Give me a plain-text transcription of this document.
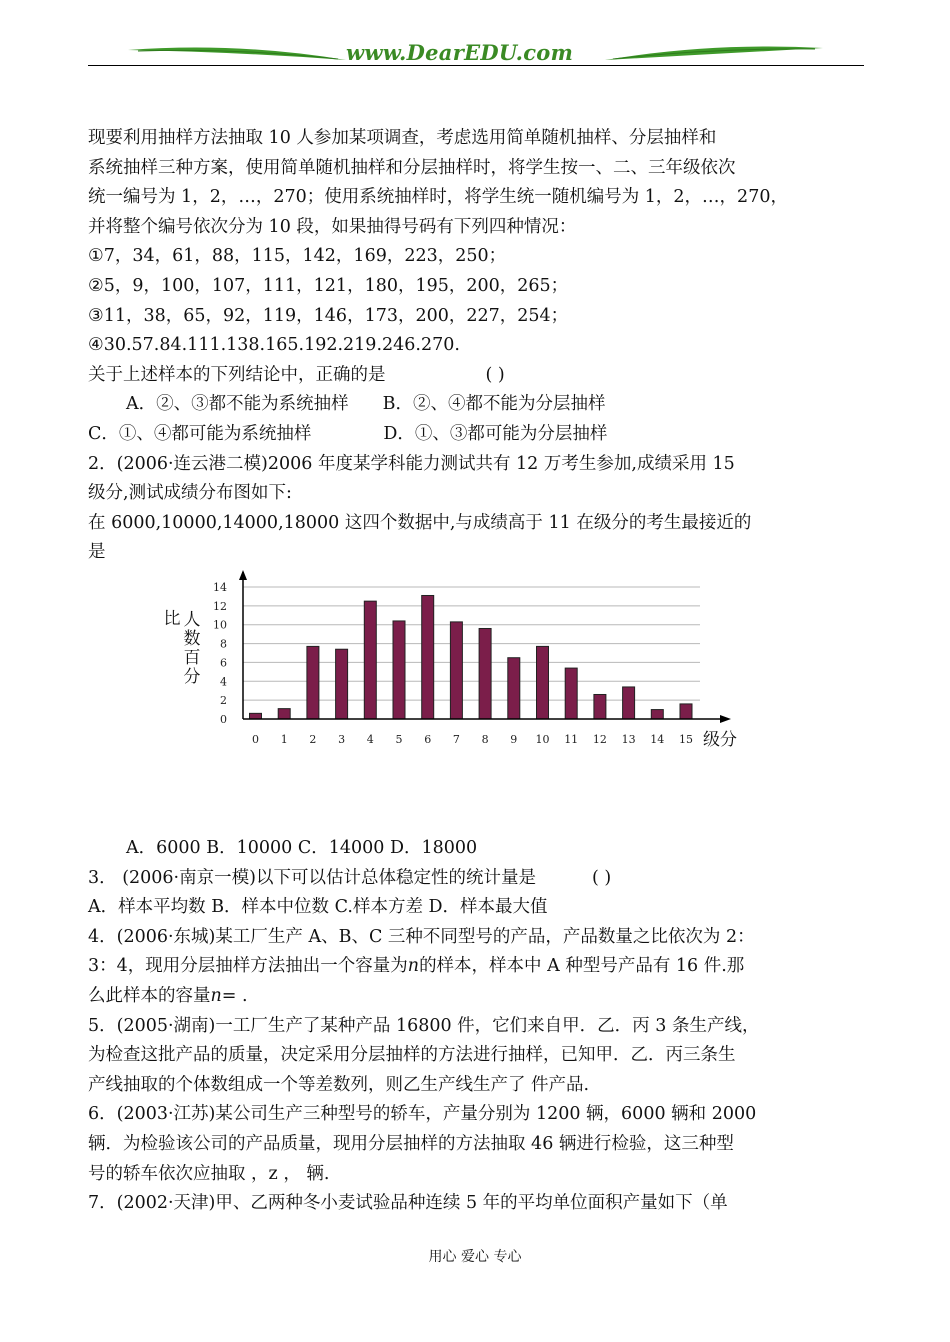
www.DearEDU.com
现要利用抽样方法抽取 10 人参加某项调查，考虑选用简单随机抽样、分层抽样和
系统抽样三种方案，使用简单随机抽样和分层抽样时，将学生按一、二、三年级依次
统一编号为 1，2，…，270；使用系统抽样时，将学生统一随机编号为 1，2，…，270，
并将整个编号依次分为 10 段，如果抽得号码有下列四种情况：
①7，34，61，88，115，142，169，223，250；
②5，9，100，107，111，121，180，195，200，265；
③11，38，65，92，119，146，173，200，227，254；
④30.57.84.111.138.165.192.219.246.270.
关于上述样本的下列结论中，正确的是	( )
A．②、③都不能为系统抽样 B．②、④都不能为分层抽样
C．①、④都可能为系统抽样	D．①、③都可能为分层抽样
2．(2006·连云港二模)2006 年度某学科能力测试共有 12 万考生参加,成绩采用 15
级分,测试成绩分布图如下:
在 6000,10000,14000,18000 这四个数据中,与成绩高于 11 在级分的考生最接近的
是
0
2
4
6
8
10
12
14
0 1 2 3 4 5 6 7 8 9 10 11 12 13 14 15
比 人
数
百
分
级分
A．6000 B．10000 C．14000 D．18000
3． (2006·南京一模)以下可以估计总体稳定性的统计量是	( )
A．样本平均数 B．样本中位数 C.样本方差 D．样本最大值
4．(2006·东城)某工厂生产 A、B、C 三种不同型号的产品，产品数量之比依次为 2：
3：4，现用分层抽样方法抽出一个容量为n的样本，样本中 A 种型号产品有 16 件.那
么此样本的容量n= .
5．(2005·湖南)一工厂生产了某种产品 16800 件，它们来自甲．乙．丙 3 条生产线，
为检查这批产品的质量，决定采用分层抽样的方法进行抽样，已知甲．乙．丙三条生
产线抽取的个体数组成一个等差数列，则乙生产线生产了 件产品.
6．(2003·江苏)某公司生产三种型号的轿车，产量分别为 1200 辆，6000 辆和 2000
辆．为检验该公司的产品质量，现用分层抽样的方法抽取 46 辆进行检验，这三种型
号的轿车依次应抽取 ，z ， 辆.
7．(2002·天津)甲、乙两种冬小麦试验品种连续 5 年的平均单位面积产量如下（单
用心 爱心 专心
